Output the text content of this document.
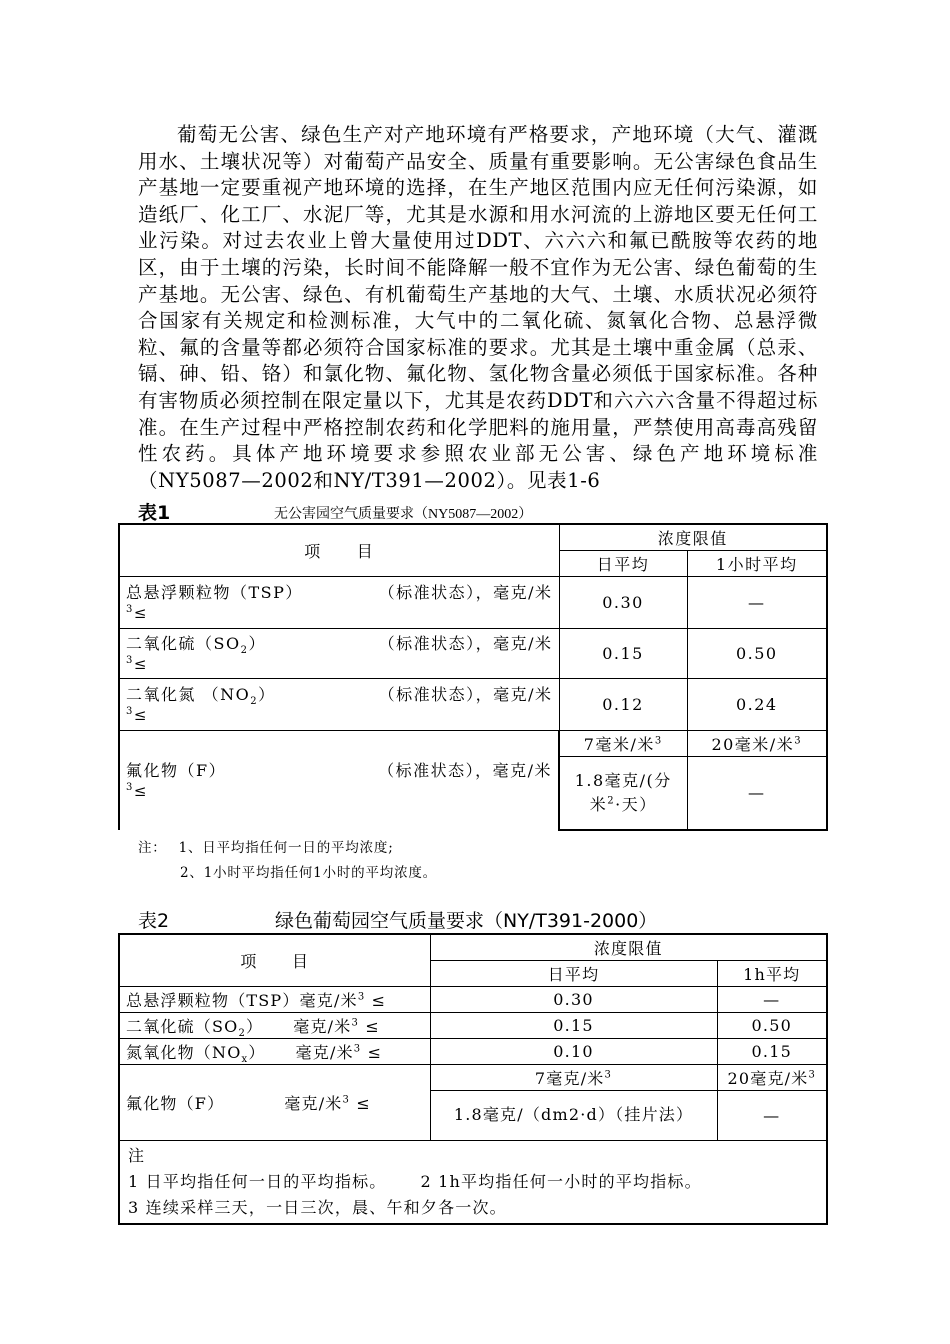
葡萄无公害、绿色生产对产地环境有严格要求，产地环境（大气、灌溉用水、土壤状况等）对葡萄产品安全、质量有重要影响。无公害绿色食品生产基地一定要重视产地环境的选择，在生产地区范围内应无任何污染源，如造纸厂、化工厂、水泥厂等，尤其是水源和用水河流的上游地区要无任何工业污染。对过去农业上曾大量使用过DDT、六六六和氟已酰胺等农药的地区，由于土壤的污染，长时间不能降解一般不宜作为无公害、绿色葡萄的生产基地。无公害、绿色、有机葡萄生产基地的大气、土壤、水质状况必须符合国家有关规定和检测标准，大气中的二氧化硫、氮氧化合物、总悬浮微粒、氟的含量等都必须符合国家标准的要求。尤其是土壤中重金属（总汞、镉、砷、铅、铬）和氯化物、氟化物、氢化物含量必须低于国家标准。各种有害物质必须控制在限定量以下，尤其是农药DDT和六六六含量不得超过标准。在生产过程中严格控制农药和化学肥料的施用量，严禁使用高毒高残留性农药。具体产地环境要求参照农业部无公害、绿色产地环境标准（NY5087—2002和NY/T391—2002）。见表1-6

表1	无公害园空气质量要求（NY5087—2002）
项　　目	浓度限值	
	日平均	1小时平均
总悬浮颗粒物（TSP） （标准状态），毫克/米
$^3$≤	0.30	—
二氧化硫$(SO_2)$ （标准状态），毫克/米
$^3$≤	0.15	0.50
二氧化氮 $(NO_2)$ （标准状态），毫克/米
$^3$≤	0.12	0.24
氟化物（F） （标准状态），毫克/米
$^3$≤	7毫米/米$^3$	20毫米/米$^3$
	1.8毫克/(分米$^2$·天）	—
注： 1、日平均指任何一日的平均浓度;
2、1小时平均指任何1小时的平均浓度。
表2	绿色葡萄园空气质量要求（NY/T391-2000）
项　　目	浓度限值	
	日平均	1h平均
总悬浮颗粒物（TSP）毫克/米$^3$ ≤	0.30	—
二氧化硫$(SO_2)$ 毫克/米$^3$ ≤	0.15	0.50
氮氧化物$(NO_x)$ 毫克/米$^3$ ≤	0.10	0.15
氟化物（F） 毫克/米$^3$ ≤	7毫克/米$^3$	20毫克/米$^3$
	1.8毫克/（dm2·d）（挂片法）	—

注
1 日平均指任何一日的平均指标。 2 1h平均指任何一小时的平均指标。
3 连续采样三天，一日三次，晨、午和夕各一次。		
